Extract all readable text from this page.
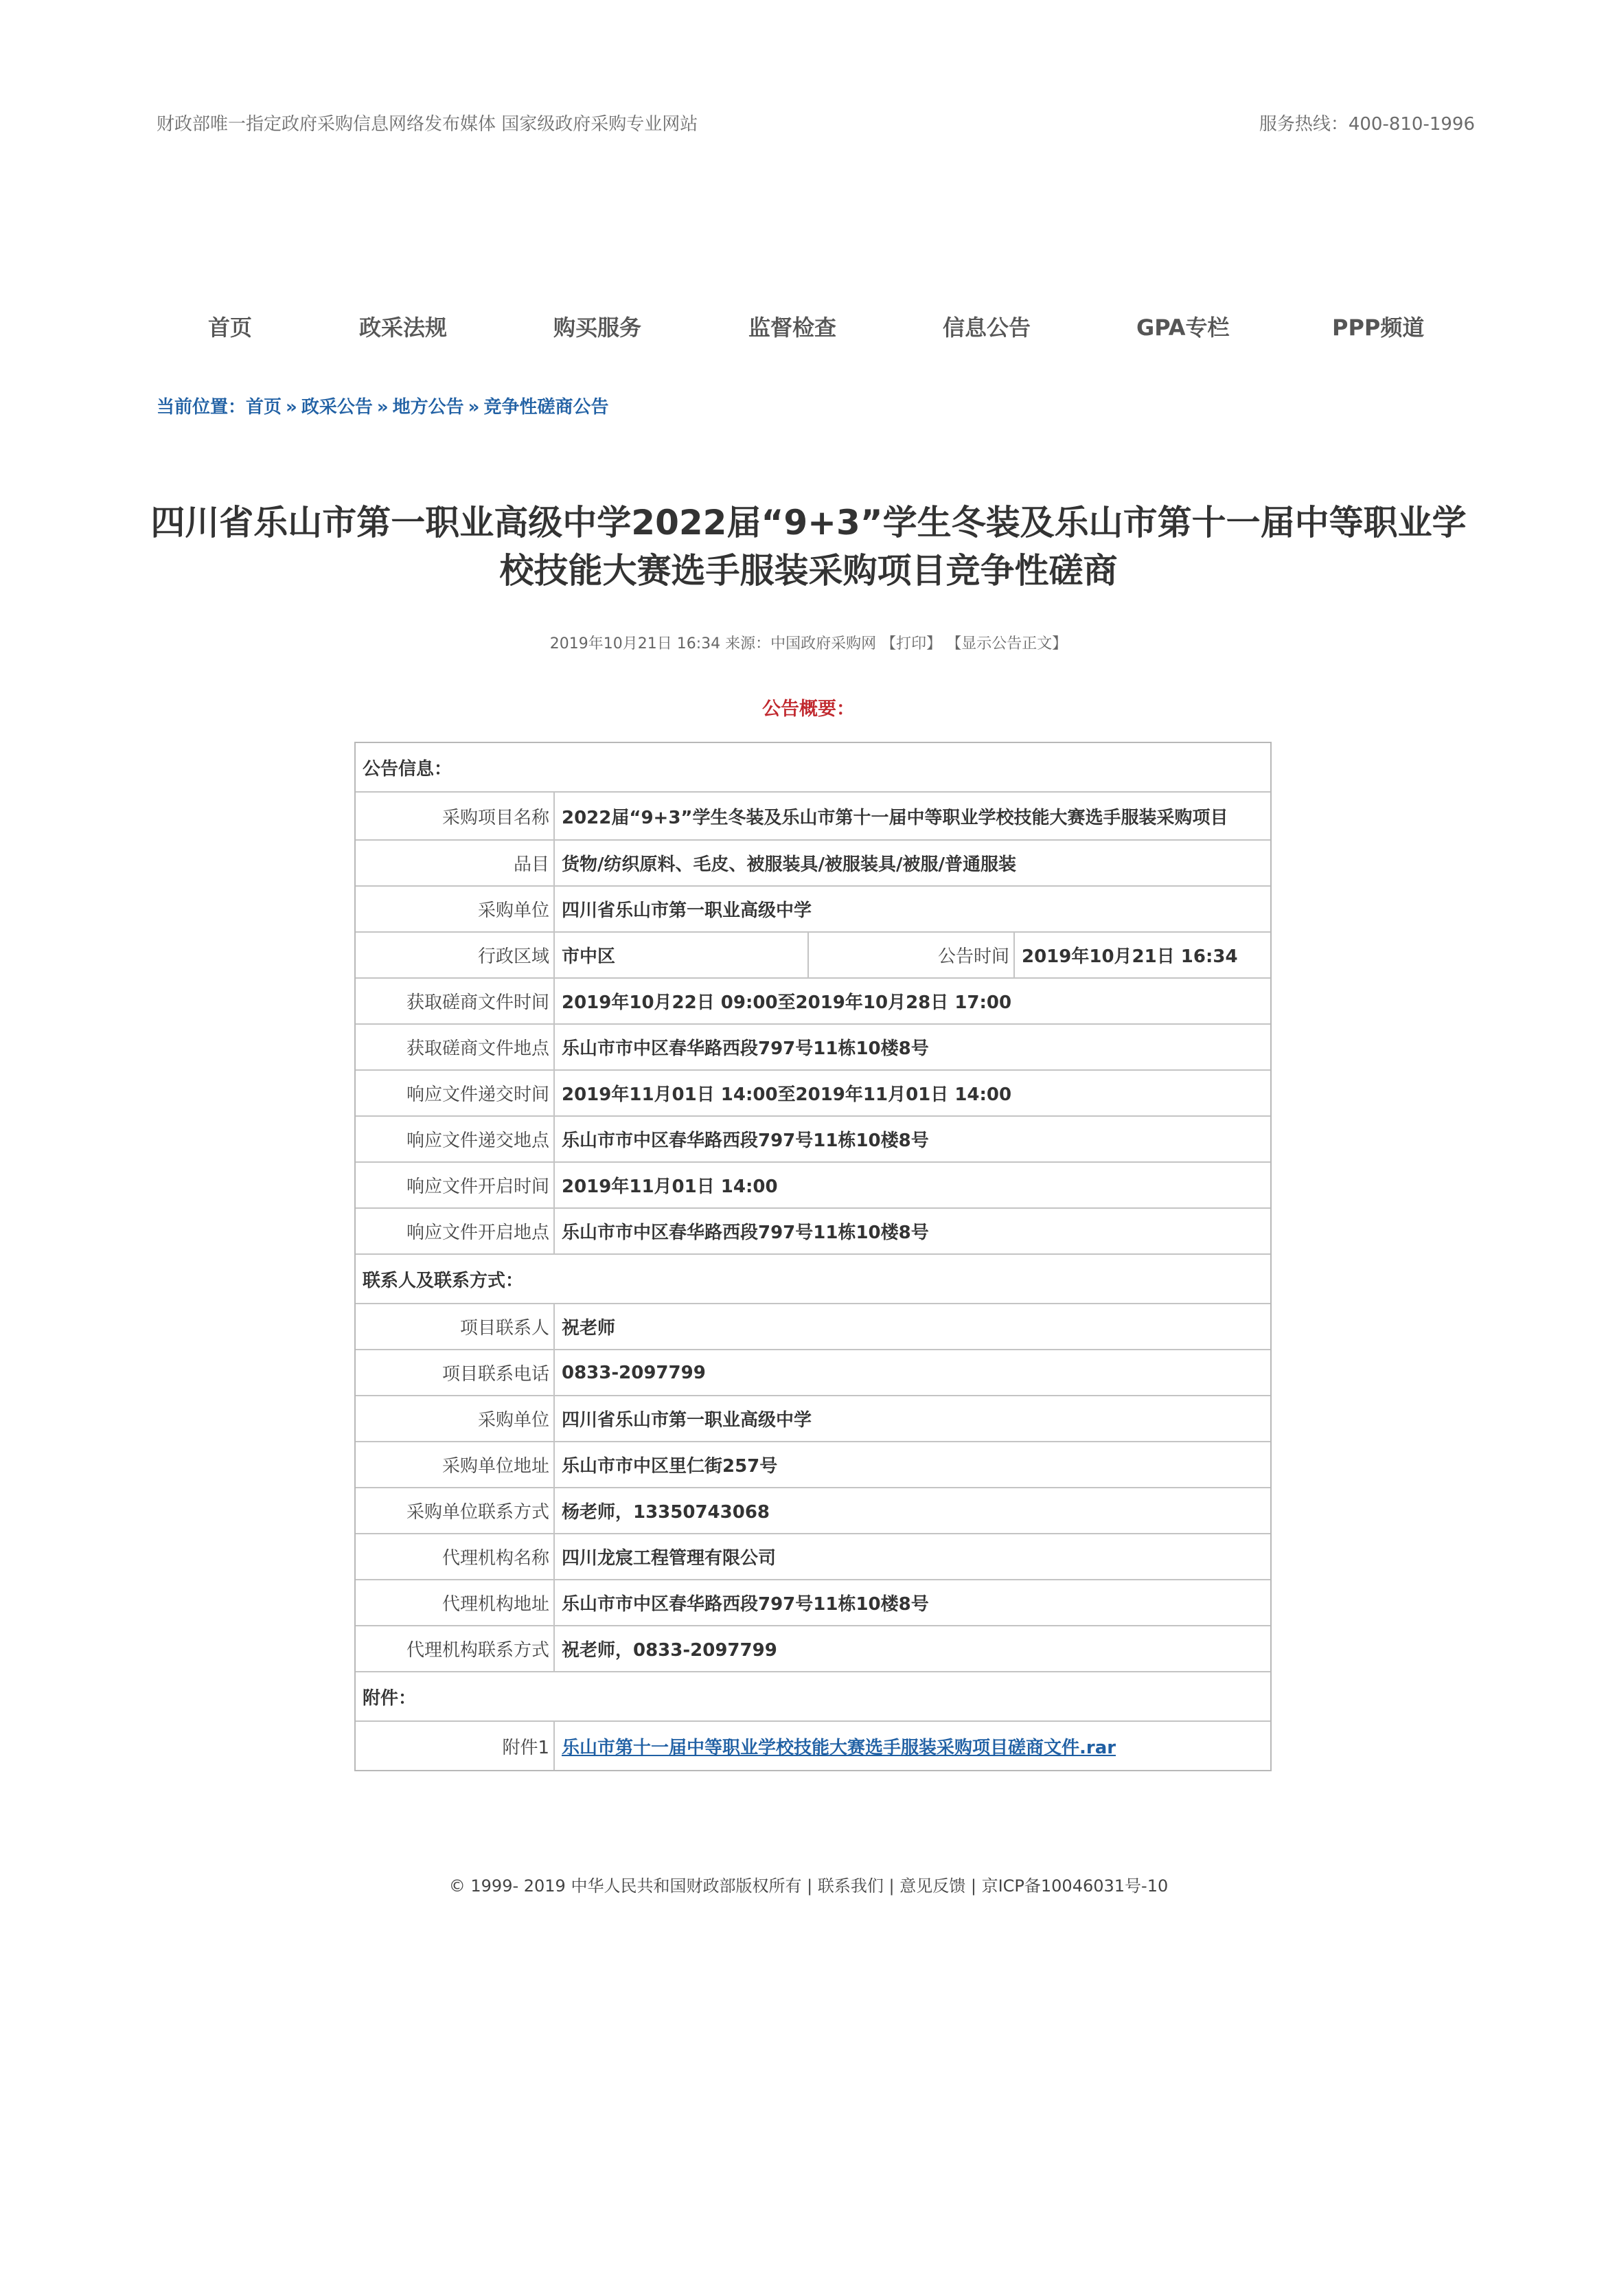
财政部唯一指定政府采购信息网络发布媒体 国家级政府采购专业网站	服务热线：400-810-1996
首页	政采法规	购买服务	监督检查	信息公告	GPA专栏	PPP频道
当前位置：首页 » 政采公告 » 地方公告 » 竞争性磋商公告
四川省乐山市第一职业高级中学2022届“9+3”学生冬装及乐山市第十一届中等职业学校技能大赛选手服装采购项目竞争性磋商
2019年10月21日 16:34 来源：中国政府采购网 【打印】 【显示公告正文】
公告概要：
公告信息：
采购项目名称 2022届“9+3”学生冬装及乐山市第十一届中等职业学校技能大赛选手服装采购项目
品目 货物/纺织原料、毛皮、被服装具/被服装具/被服/普通服装
采购单位 四川省乐山市第一职业高级中学
行政区域 市中区	公告时间 2019年10月21日 16:34
获取磋商文件时间 2019年10月22日 09:00至2019年10月28日 17:00
获取磋商文件地点 乐山市市中区春华路西段797号11栋10楼8号
响应文件递交时间 2019年11月01日 14:00至2019年11月01日 14:00
响应文件递交地点 乐山市市中区春华路西段797号11栋10楼8号
响应文件开启时间 2019年11月01日 14:00
响应文件开启地点 乐山市市中区春华路西段797号11栋10楼8号
联系人及联系方式：
项目联系人 祝老师
项目联系电话 0833-2097799
采购单位 四川省乐山市第一职业高级中学
采购单位地址 乐山市市中区里仁街257号
采购单位联系方式 杨老师，13350743068
代理机构名称 四川龙宸工程管理有限公司
代理机构地址 乐山市市中区春华路西段797号11栋10楼8号
代理机构联系方式 祝老师，0833-2097799
附件：
附件1 乐山市第十一届中等职业学校技能大赛选手服装采购项目磋商文件.rar
© 1999- 2019 中华人民共和国财政部版权所有 | 联系我们 | 意见反馈 | 京ICP备10046031号-10
